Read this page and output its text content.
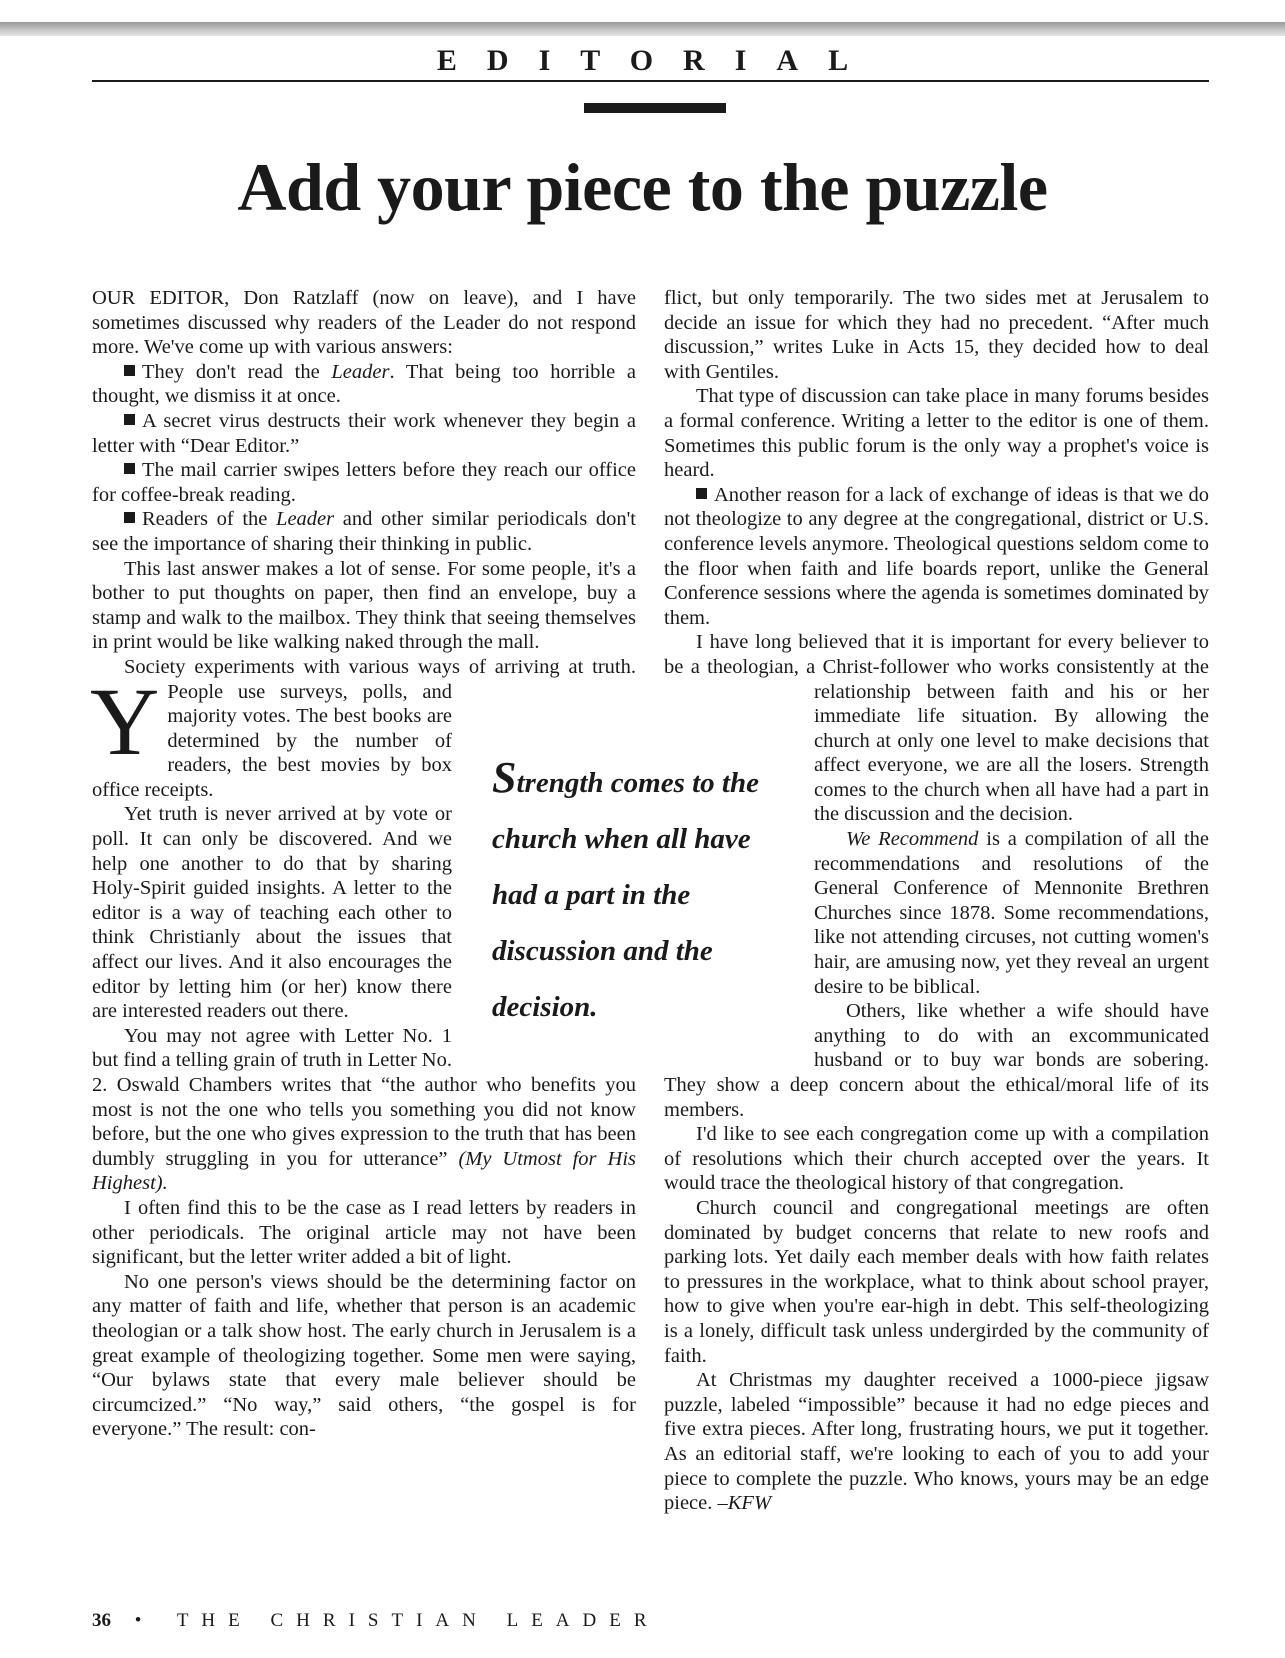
EDITORIAL
Add your piece to the puzzle

Y
OUR EDITOR, Don Ratzlaff (now on leave), and I have sometimes discussed why readers of the Leader do not respond more. We've come up with various answers:

They don't read the Leader. That being too horrible a thought, we dismiss it at once.

A secret virus destructs their work whenever they begin a letter with “Dear Editor.”

The mail carrier swipes letters before they reach our office for coffee-break reading.

Readers of the Leader and other similar periodicals don't see the importance of sharing their thinking in public.

This last answer makes a lot of sense. For some people, it's a bother to put thoughts on paper, then find an envelope, buy a stamp and walk to the mailbox. They think that seeing themselves in print would be like walking naked through the mall.

Society experiments with various ways of arriving at truth. People use surveys, polls, and majority votes. The best books are determined by the number of readers, the best movies by box office receipts.

Yet truth is never arrived at by vote or poll. It can only be discovered. And we help one another to do that by sharing Holy-Spirit guided insights. A letter to the editor is a way of teaching each other to think Christianly about the issues that affect our lives. And it also encourages the editor by letting him (or her) know there are interested readers out there.

You may not agree with Letter No. 1 but find a telling grain of truth in Letter No. 2. Oswald Chambers writes that “the author who benefits you most is not the one who tells you something you did not know before, but the one who gives expression to the truth that has been dumbly struggling in you for utterance” (My Utmost for His Highest).

I often find this to be the case as I read letters by readers in other periodicals. The original article may not have been significant, but the letter writer added a bit of light.

No one person's views should be the determining factor on any matter of faith and life, whether that person is an academic theologian or a talk show host. The early church in Jerusalem is a great example of theologizing together. Some men were saying, “Our bylaws state that every male believer should be circumcized.” “No way,” said others, “the gospel is for everyone.” The result: con-

flict, but only temporarily. The two sides met at Jerusalem to decide an issue for which they had no precedent. “After much discussion,” writes Luke in Acts 15, they decided how to deal with Gentiles.

That type of discussion can take place in many forums besides a formal conference. Writing a letter to the editor is one of them. Sometimes this public forum is the only way a prophet's voice is heard.

Another reason for a lack of exchange of ideas is that we do not theologize to any degree at the congregational, district or U.S. conference levels anymore. Theological questions seldom come to the floor when faith and life boards report, unlike the General Conference sessions where the agenda is sometimes dominated by them.

I have long believed that it is important for every believer to be a theologian, a Christ-follower who works consistently at the relationship between faith and his or her immediate life situation. By allowing the church at only one level to make decisions that affect everyone, we are all the losers. Strength comes to the church when all have had a part in the discussion and the decision.

We Recommend is a compilation of all the recommendations and resolutions of the General Conference of Mennonite Brethren Churches since 1878. Some recommendations, like not attending circuses, not cutting women's hair, are amusing now, yet they reveal an urgent desire to be biblical.

Others, like whether a wife should have anything to do with an excommunicated husband or to buy war bonds are sobering. They show a deep concern about the ethical/moral life of its members.

I'd like to see each congregation come up with a compilation of resolutions which their church accepted over the years. It would trace the theological history of that congregation.

Church council and congregational meetings are often dominated by budget concerns that relate to new roofs and parking lots. Yet daily each member deals with how faith relates to pressures in the workplace, what to think about school prayer, how to give when you're ear-high in debt. This self-theologizing is a lonely, difficult task unless undergirded by the community of faith.

At Christmas my daughter received a 1000-piece jigsaw puzzle, labeled “impossible” because it had no edge pieces and five extra pieces. After long, frustrating hours, we put it together. As an editorial staff, we're looking to each of you to add your piece to complete the puzzle. Who knows, yours may be an edge piece. –KFW

Strength comes to the church when all have had a part in the discussion and the decision.
36 • THE CHRISTIAN LEADER
